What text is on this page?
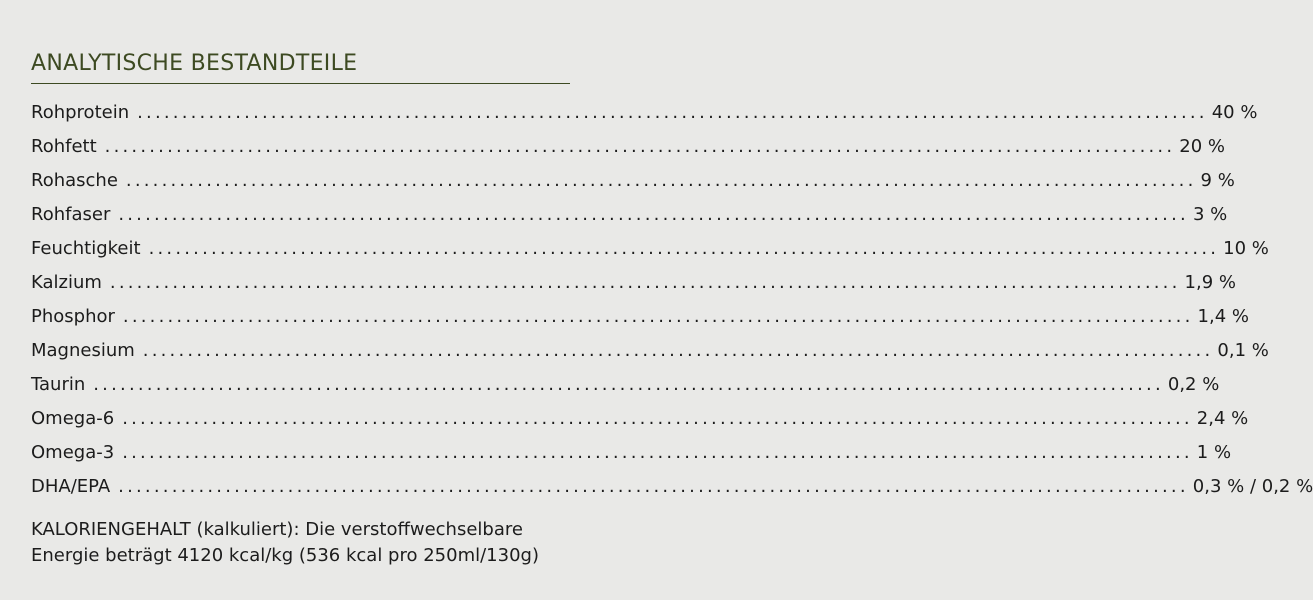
ANALYTISCHE BESTANDTEILE
Rohprotein ........................................................................................................................ 40 %
Rohfett ........................................................................................................................ 20 %
Rohasche ........................................................................................................................ 9 %
Rohfaser ........................................................................................................................ 3 %
Feuchtigkeit ........................................................................................................................ 10 %
Kalzium ........................................................................................................................ 1,9 %
Phosphor ........................................................................................................................ 1,4 %
Magnesium ........................................................................................................................ 0,1 %
Taurin ........................................................................................................................ 0,2 %
Omega-6 ........................................................................................................................ 2,4 %
Omega-3 ........................................................................................................................ 1 %
DHA/EPA ........................................................................................................................ 0,3 % / 0,2 %
KALORIENGEHALT (kalkuliert): Die verstoffwechselbare
Energie beträgt 4120 kcal/kg (536 kcal pro 250ml/130g)
